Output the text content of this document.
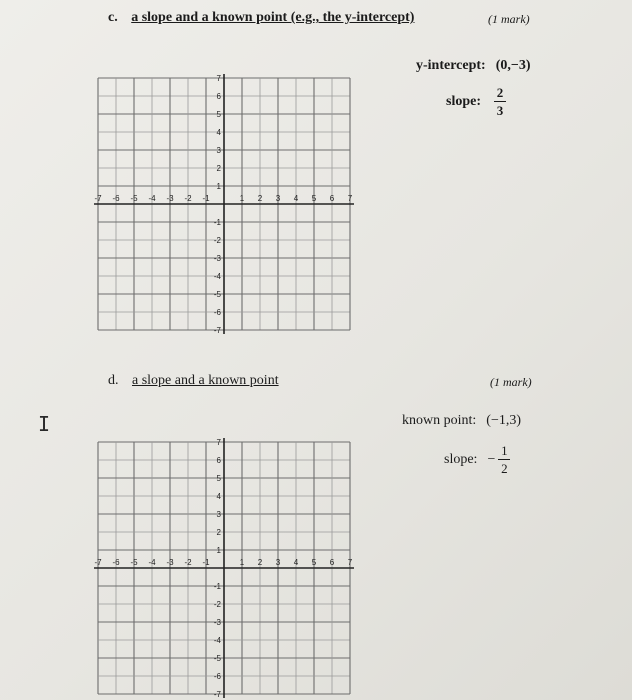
c. a slope and a known point (e.g., the y-intercept)	(1 mark)
y-intercept: (0,−3)
slope: $\frac{2}{3}$
-7 -6 -5 -4 -3 -2 -1	1 2 3 4 5 6 7
7
6
5
4
3
2
1
-1
-2
-3
-4
-5
-6
-7
d. a slope and a known point	(1 mark)
known point: (−1,3)
slope: − $\frac{1}{2}$
-7 -6 -5 -4 -3 -2 -1	1 2 3 4 5 6 7
7
6
5
4
3
2
1
-1
-2
-3
-4
-5
-6
-7
I
